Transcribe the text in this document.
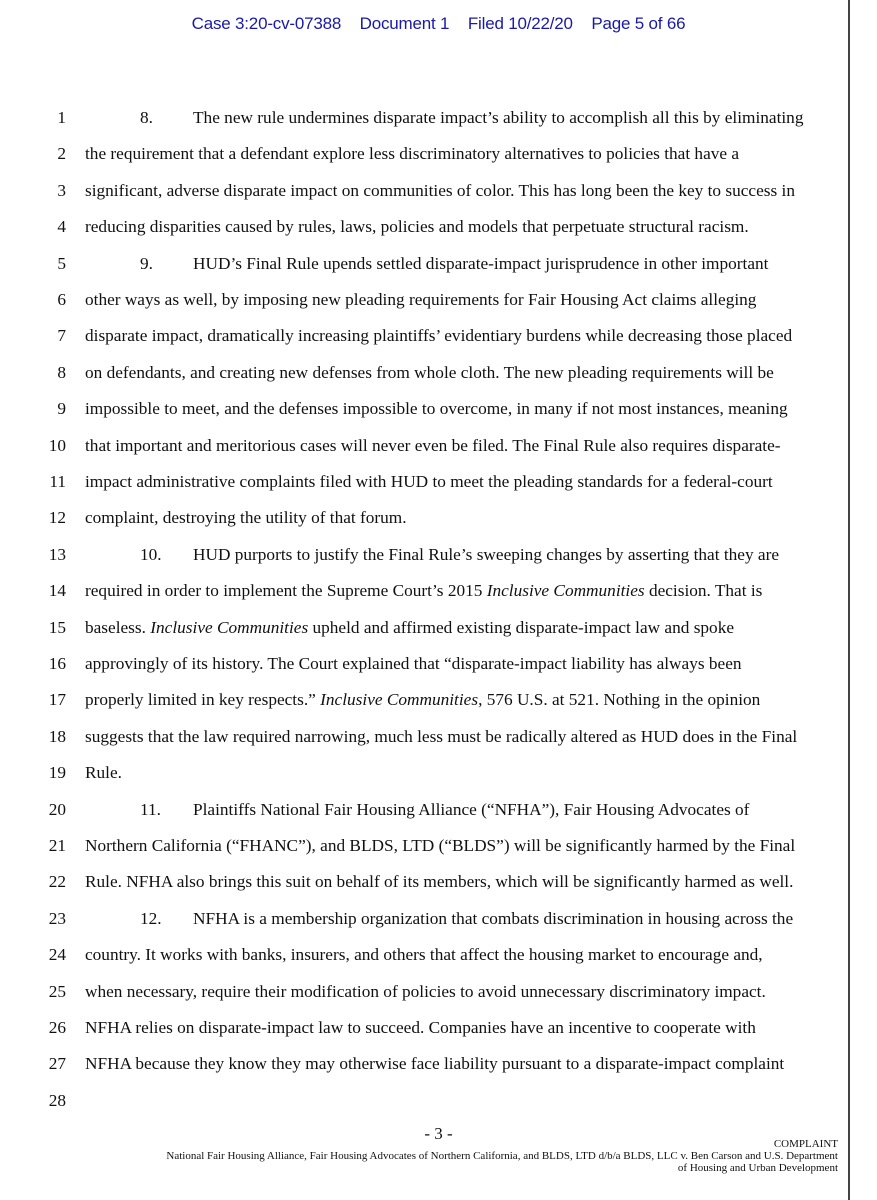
Case 3:20-cv-07388 Document 1 Filed 10/22/20 Page 5 of 66
1	8. The new rule undermines disparate impact’s ability to accomplish all this by eliminating
2 the requirement that a defendant explore less discriminatory alternatives to policies that have a
3 significant, adverse disparate impact on communities of color. This has long been the key to success in
4 reducing disparities caused by rules, laws, policies and models that perpetuate structural racism.
5	9. HUD’s Final Rule upends settled disparate-impact jurisprudence in other important
6 other ways as well, by imposing new pleading requirements for Fair Housing Act claims alleging
7 disparate impact, dramatically increasing plaintiffs’ evidentiary burdens while decreasing those placed
8 on defendants, and creating new defenses from whole cloth. The new pleading requirements will be
9 impossible to meet, and the defenses impossible to overcome, in many if not most instances, meaning
10 that important and meritorious cases will never even be filed. The Final Rule also requires disparate-
11 impact administrative complaints filed with HUD to meet the pleading standards for a federal-court
12 complaint, destroying the utility of that forum.
13	10. HUD purports to justify the Final Rule’s sweeping changes by asserting that they are
14 required in order to implement the Supreme Court’s 2015 Inclusive Communities decision. That is
15 baseless. Inclusive Communities upheld and affirmed existing disparate-impact law and spoke
16 approvingly of its history. The Court explained that “disparate-impact liability has always been
17 properly limited in key respects.” Inclusive Communities, 576 U.S. at 521. Nothing in the opinion
18 suggests that the law required narrowing, much less must be radically altered as HUD does in the Final
19 Rule.
20	11. Plaintiffs National Fair Housing Alliance (“NFHA”), Fair Housing Advocates of
21 Northern California (“FHANC”), and BLDS, LTD (“BLDS”) will be significantly harmed by the Final
22 Rule. NFHA also brings this suit on behalf of its members, which will be significantly harmed as well.
23	12. NFHA is a membership organization that combats discrimination in housing across the
24 country. It works with banks, insurers, and others that affect the housing market to encourage and,
25 when necessary, require their modification of policies to avoid unnecessary discriminatory impact.
26 NFHA relies on disparate-impact law to succeed. Companies have an incentive to cooperate with
27 NFHA because they know they may otherwise face liability pursuant to a disparate-impact complaint
28
- 3 -
COMPLAINT
National Fair Housing Alliance, Fair Housing Advocates of Northern California, and BLDS, LTD d/b/a BLDS, LLC v. Ben Carson and U.S. Department
of Housing and Urban Development
